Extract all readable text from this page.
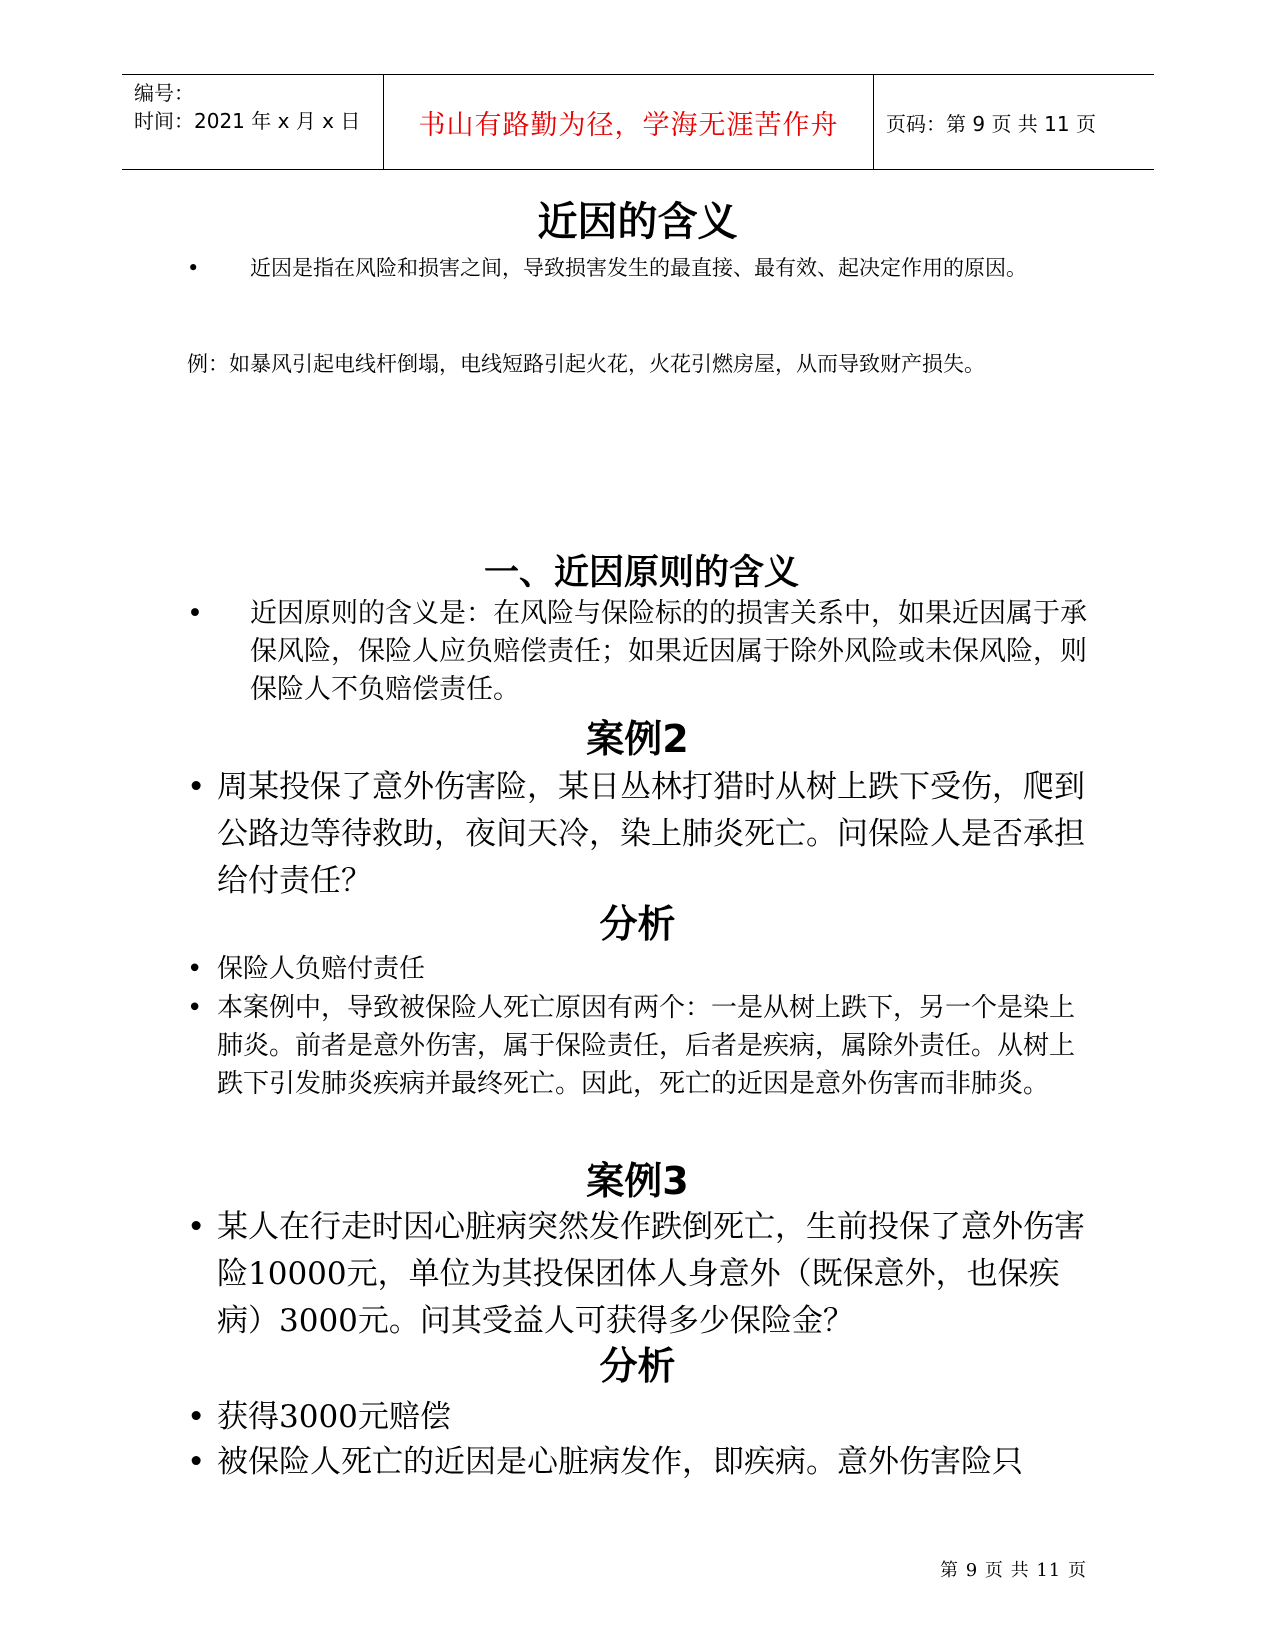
编号：
时间：2021 年 x 月 x 日	书山有路勤为径，学海无涯苦作舟 页码：第 9 页 共 11 页
近因的含义
•	近因是指在风险和损害之间，导致损害发生的最直接、最有效、起决定作用的原因。
例：如暴风引起电线杆倒塌，电线短路引起火花，火花引燃房屋，从而导致财产损失。
一、近因原则的含义
•	近因原则的含义是：在风险与保险标的的损害关系中，如果近因属于承保风险，保险人应负赔偿责任；如果近因属于除外风险或未保风险，则保险人不负赔偿责任。
案例2
• 周某投保了意外伤害险，某日丛林打猎时从树上跌下受伤，爬到公路边等待救助，夜间天冷，染上肺炎死亡。问保险人是否承担给付责任？
分析
• 保险人负赔付责任
• 本案例中，导致被保险人死亡原因有两个：一是从树上跌下，另一个是染上肺炎。前者是意外伤害，属于保险责任，后者是疾病，属除外责任。从树上跌下引发肺炎疾病并最终死亡。因此，死亡的近因是意外伤害而非肺炎。
案例3
• 某人在行走时因心脏病突然发作跌倒死亡，生前投保了意外伤害险10000元，单位为其投保团体人身意外（既保意外，也保疾病）3000元。问其受益人可获得多少保险金？
分析
• 获得3000元赔偿
• 被保险人死亡的近因是心脏病发作，即疾病。意外伤害险只
第 9 页 共 11 页
